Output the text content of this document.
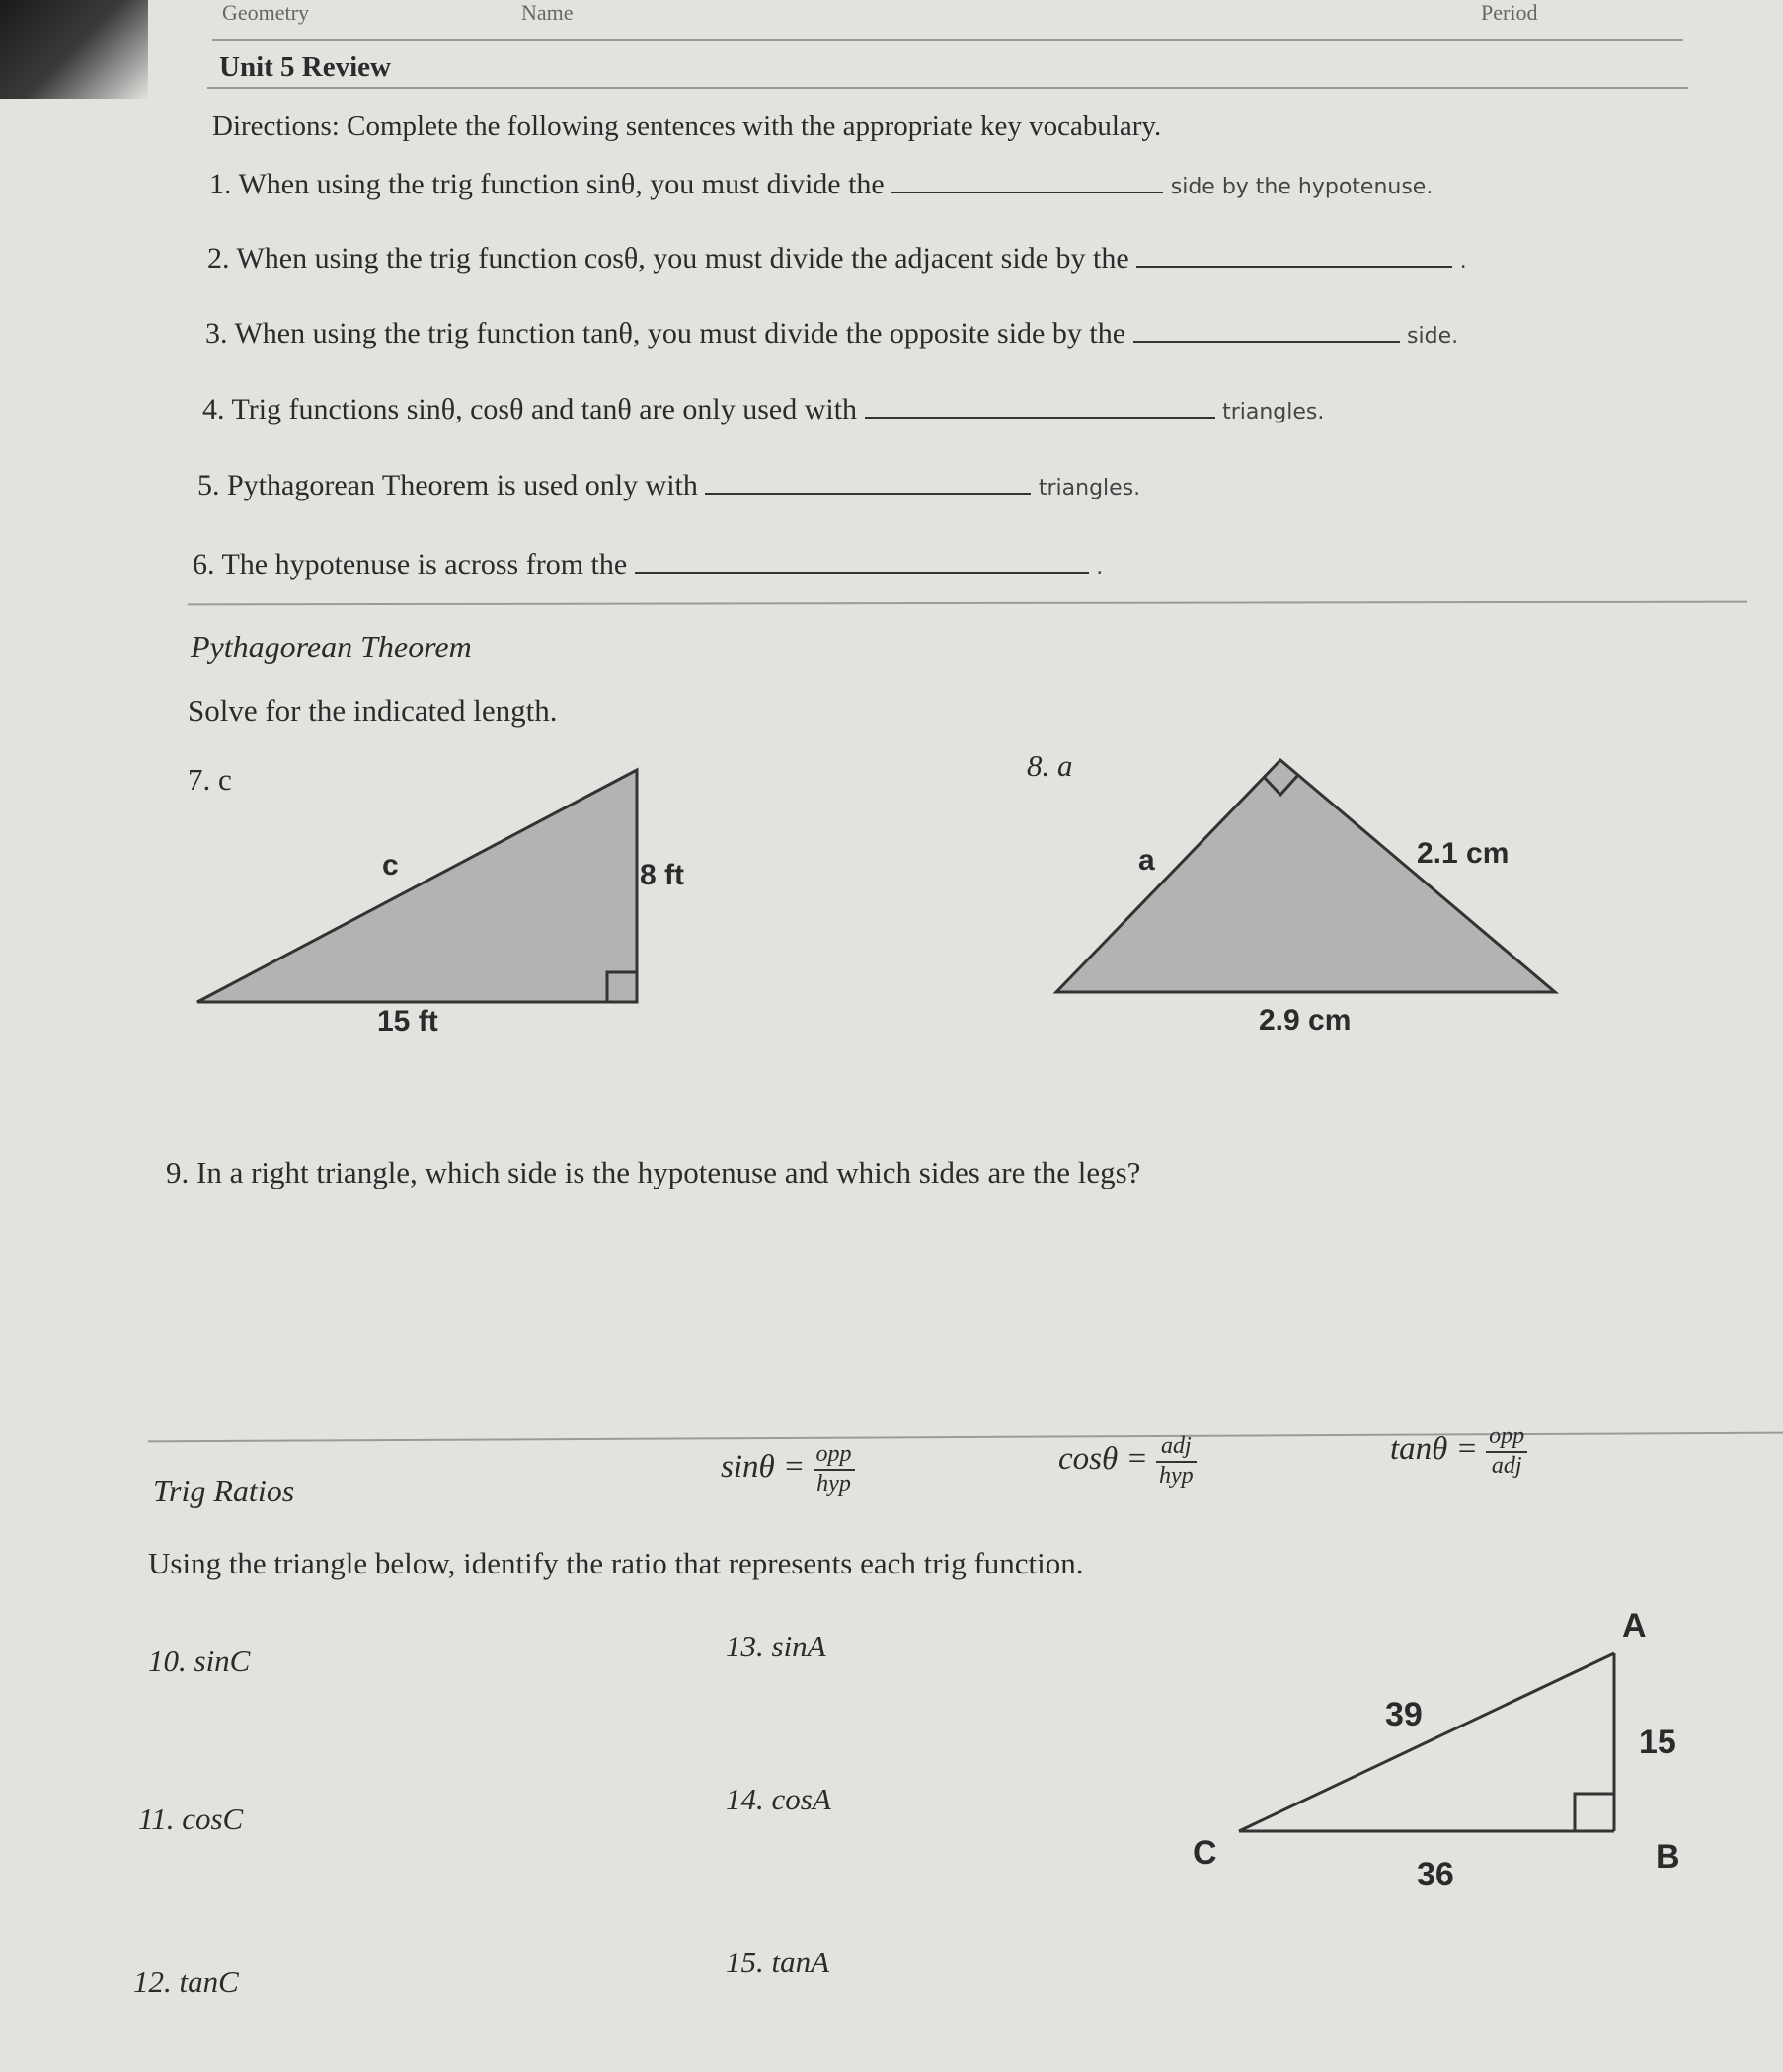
Geometry	Name	Period
Unit 5 Review
Directions: Complete the following sentences with the appropriate key vocabulary.
1. When using the trig function sinθ, you must divide the	side by the hypotenuse.
2. When using the trig function cosθ, you must divide the adjacent side by the	.
3. When using the trig function tanθ, you must divide the opposite side by the	side.
4. Trig functions sinθ, cosθ and tanθ are only used with	triangles.
5. Pythagorean Theorem is used only with	triangles.
6. The hypotenuse is across from the	.
Pythagorean Theorem
Solve for the indicated length.
7. c
c	8 ft
15 ft
8. a
a	2.1 cm
2.9 cm
9. In a right triangle, which side is the hypotenuse and which sides are the legs?
Trig Ratios
$\sin\theta = \frac{\text{opp}}{\text{hyp}}$	$\cos\theta = \frac{\text{adj}}{\text{hyp}}$	$\tan\theta = \frac{\text{opp}}{\text{adj}}$
Using the triangle below, identify the ratio that represents each trig function.
10. sinC
11. cosC
12. tanC
13. sinA
14. cosA
15. tanA
A
B
C
39
15
36
